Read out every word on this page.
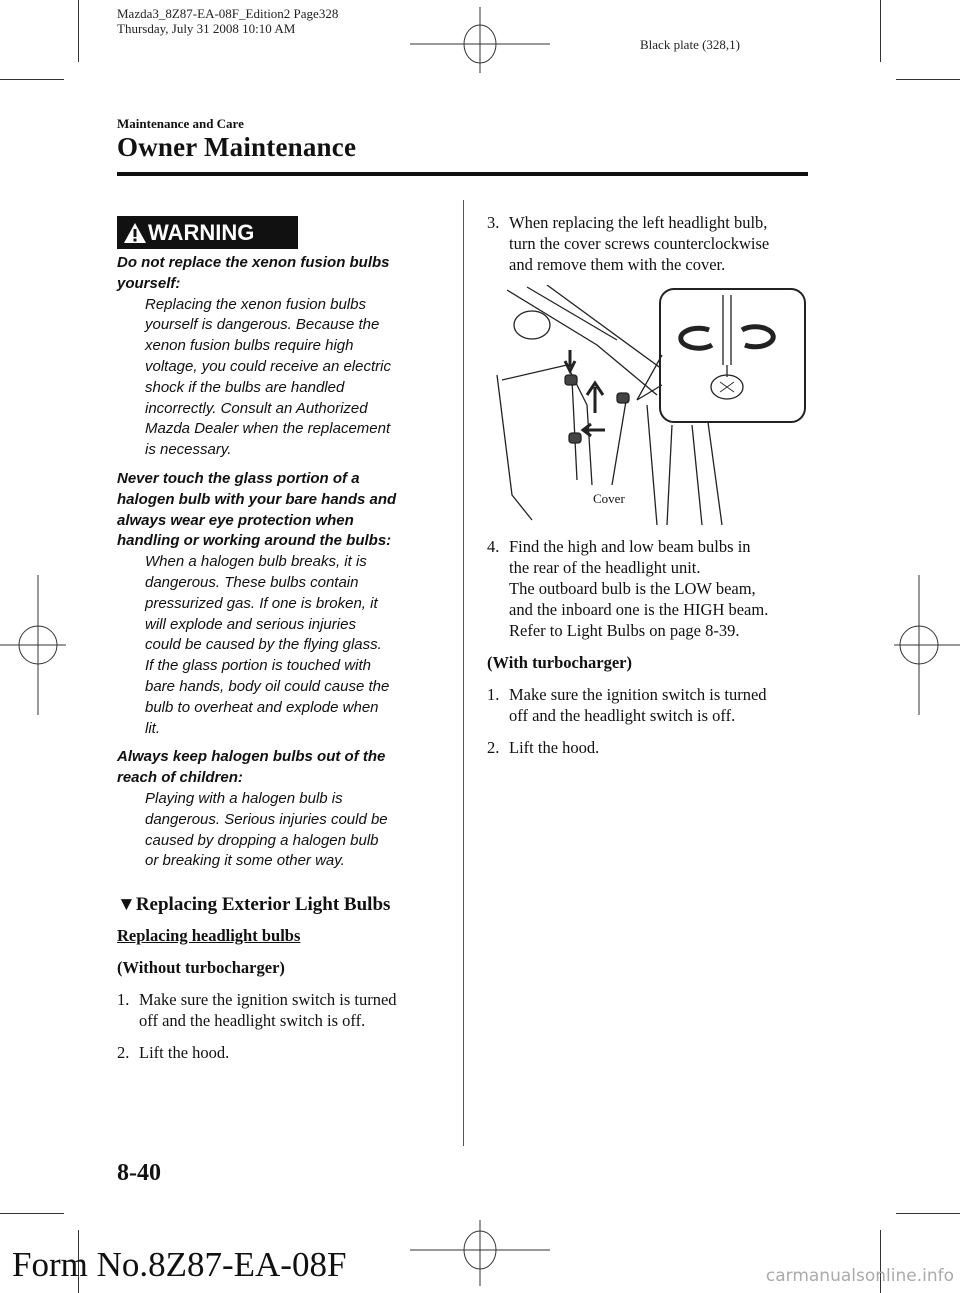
Mazda3_8Z87-EA-08F_Edition2 Page328
Thursday, July 31 2008 10:10 AM
Black plate (328,1)
Maintenance and Care
Owner Maintenance
WARNING
Do not replace the xenon fusion bulbs
yourself:
Replacing the xenon fusion bulbs
yourself is dangerous. Because the
xenon fusion bulbs require high
voltage, you could receive an electric
shock if the bulbs are handled
incorrectly. Consult an Authorized
Mazda Dealer when the replacement
is necessary.
Never touch the glass portion of a
halogen bulb with your bare hands and
always wear eye protection when
handling or working around the bulbs:
When a halogen bulb breaks, it is
dangerous. These bulbs contain
pressurized gas. If one is broken, it
will explode and serious injuries
could be caused by the flying glass.
If the glass portion is touched with
bare hands, body oil could cause the
bulb to overheat and explode when
lit.
Always keep halogen bulbs out of the
reach of children:
Playing with a halogen bulb is
dangerous. Serious injuries could be
caused by dropping a halogen bulb
or breaking it some other way.
▼Replacing Exterior Light Bulbs
Replacing headlight bulbs
(Without turbocharger)
1. Make sure the ignition switch is turned
off and the headlight switch is off.
2. Lift the hood.
3. When replacing the left headlight bulb,
turn the cover screws counterclockwise
and remove them with the cover.
Cover
4. Find the high and low beam bulbs in
the rear of the headlight unit.
The outboard bulb is the LOW beam,
and the inboard one is the HIGH beam.
Refer to Light Bulbs on page 8-39.
(With turbocharger)
1. Make sure the ignition switch is turned
off and the headlight switch is off.
2. Lift the hood.
8-40
Form No.8Z87-EA-08F	carmanualsonline.info
